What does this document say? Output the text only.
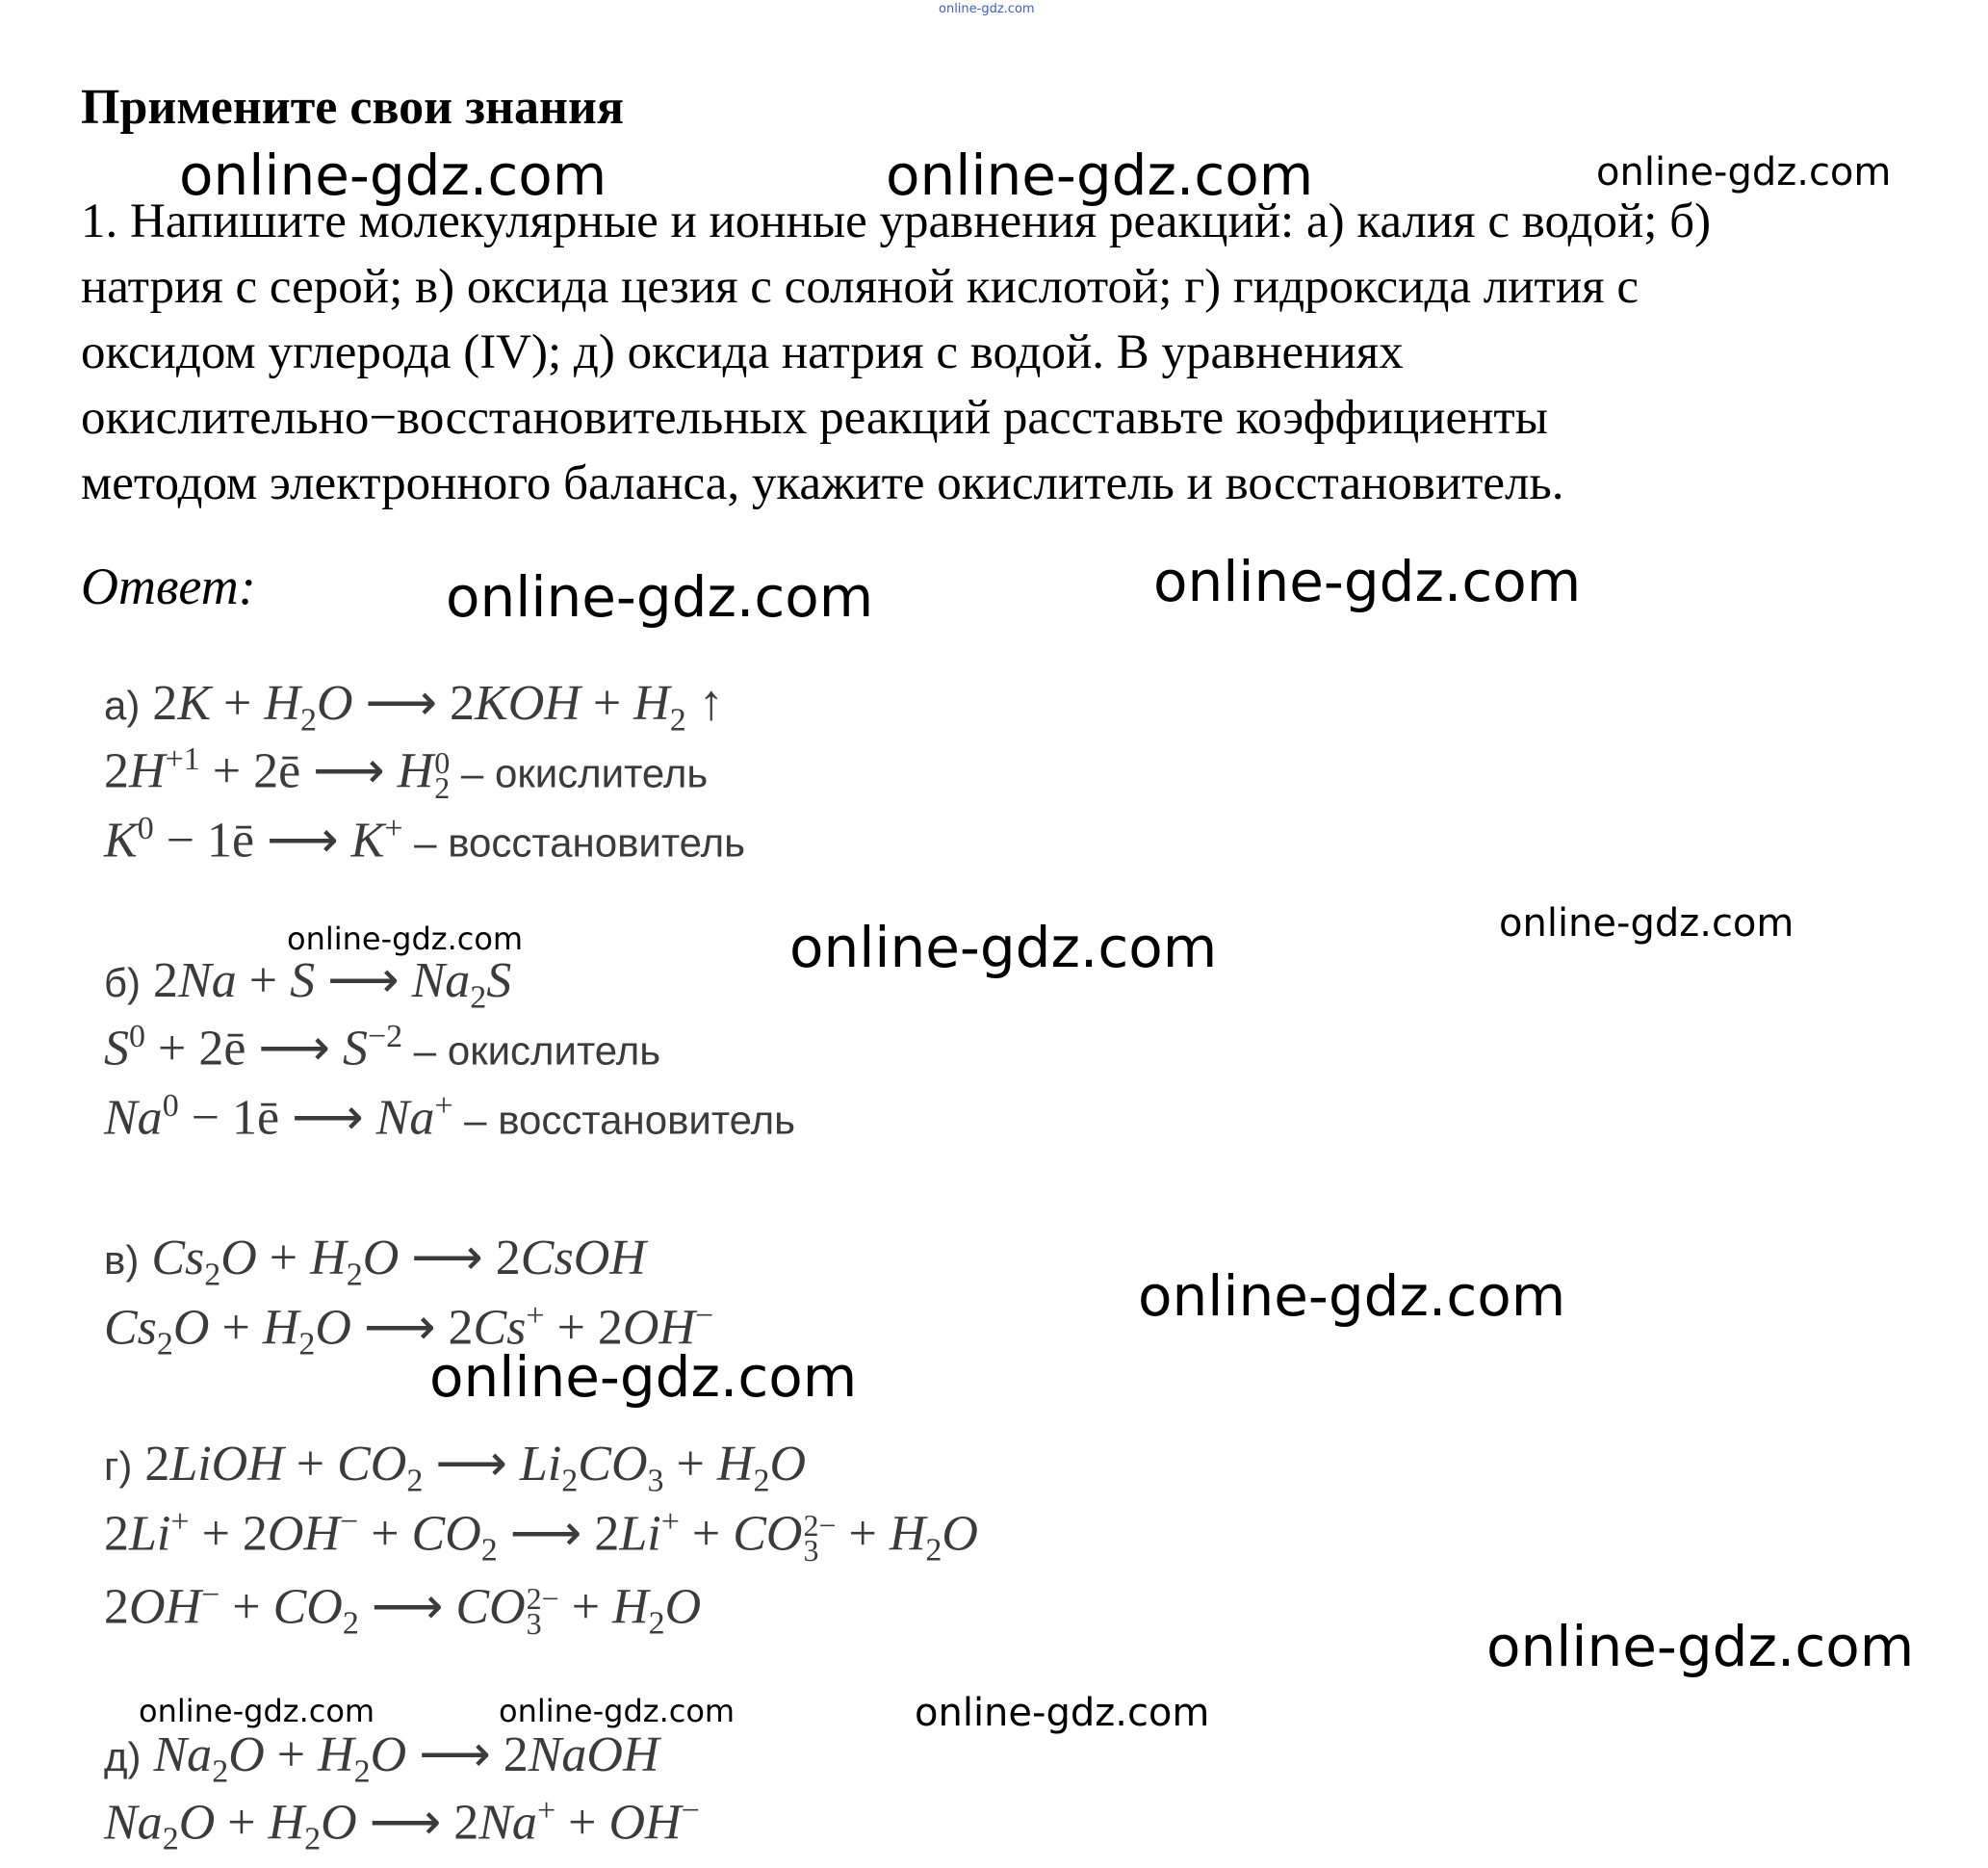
online-gdz.com
Примените свои знания
1. Напишите молекулярные и ионные уравнения реакций: а) калия с водой; б)
натрия с серой; в) оксида цезия с соляной кислотой; г) гидроксида лития с
оксидом углерода (IV); д) оксида натрия с водой. В уравнениях
окислительно−восстановительных реакций расставьте коэффициенты
методом электронного баланса, укажите окислитель и восстановитель.
Ответ:
а) $2K + H_2O$ ⟶ $2KOH + H_2$ ↑
$2H^{+1}$ + 2ē ⟶ H 0
2 – окислитель
$K^0$ − 1ē ⟶ K+ – восстановитель
б) 2Na + S ⟶ $Na_2S$
$S^0$ + 2ē ⟶ $S^{-2}$ – окислитель
$Na^0$ − 1ē ⟶ Na+ – восстановитель
в) $Cs_2O + H_2O$ ⟶ 2CsOH
$Cs_2O + H_2O$ ⟶ 2Cs+ + 2OH−
г) 2LiOH + $CO_2$ ⟶ $Li_2CO_3 + H_2O$
$2Li^+ + 2OH^- + CO_2$ ⟶ 2Li+ + CO 2−
$3 + H_2O$
$2OH^- + CO_2$ ⟶ CO 2−
$3 + H_2O$
д) $Na_2O + H_2O$ ⟶ 2NaOH
$Na_2O + H_2O$ ⟶ 2Na+ + OH−
online-gdz.com	online-gdz.com	online-gdz.com
online-gdz.com	online-gdz.com
online-gdz.com	online-gdz.com	online-gdz.com
online-gdz.com
online-gdz.com
online-gdz.com
online-gdz.com	online-gdz.com	online-gdz.com
